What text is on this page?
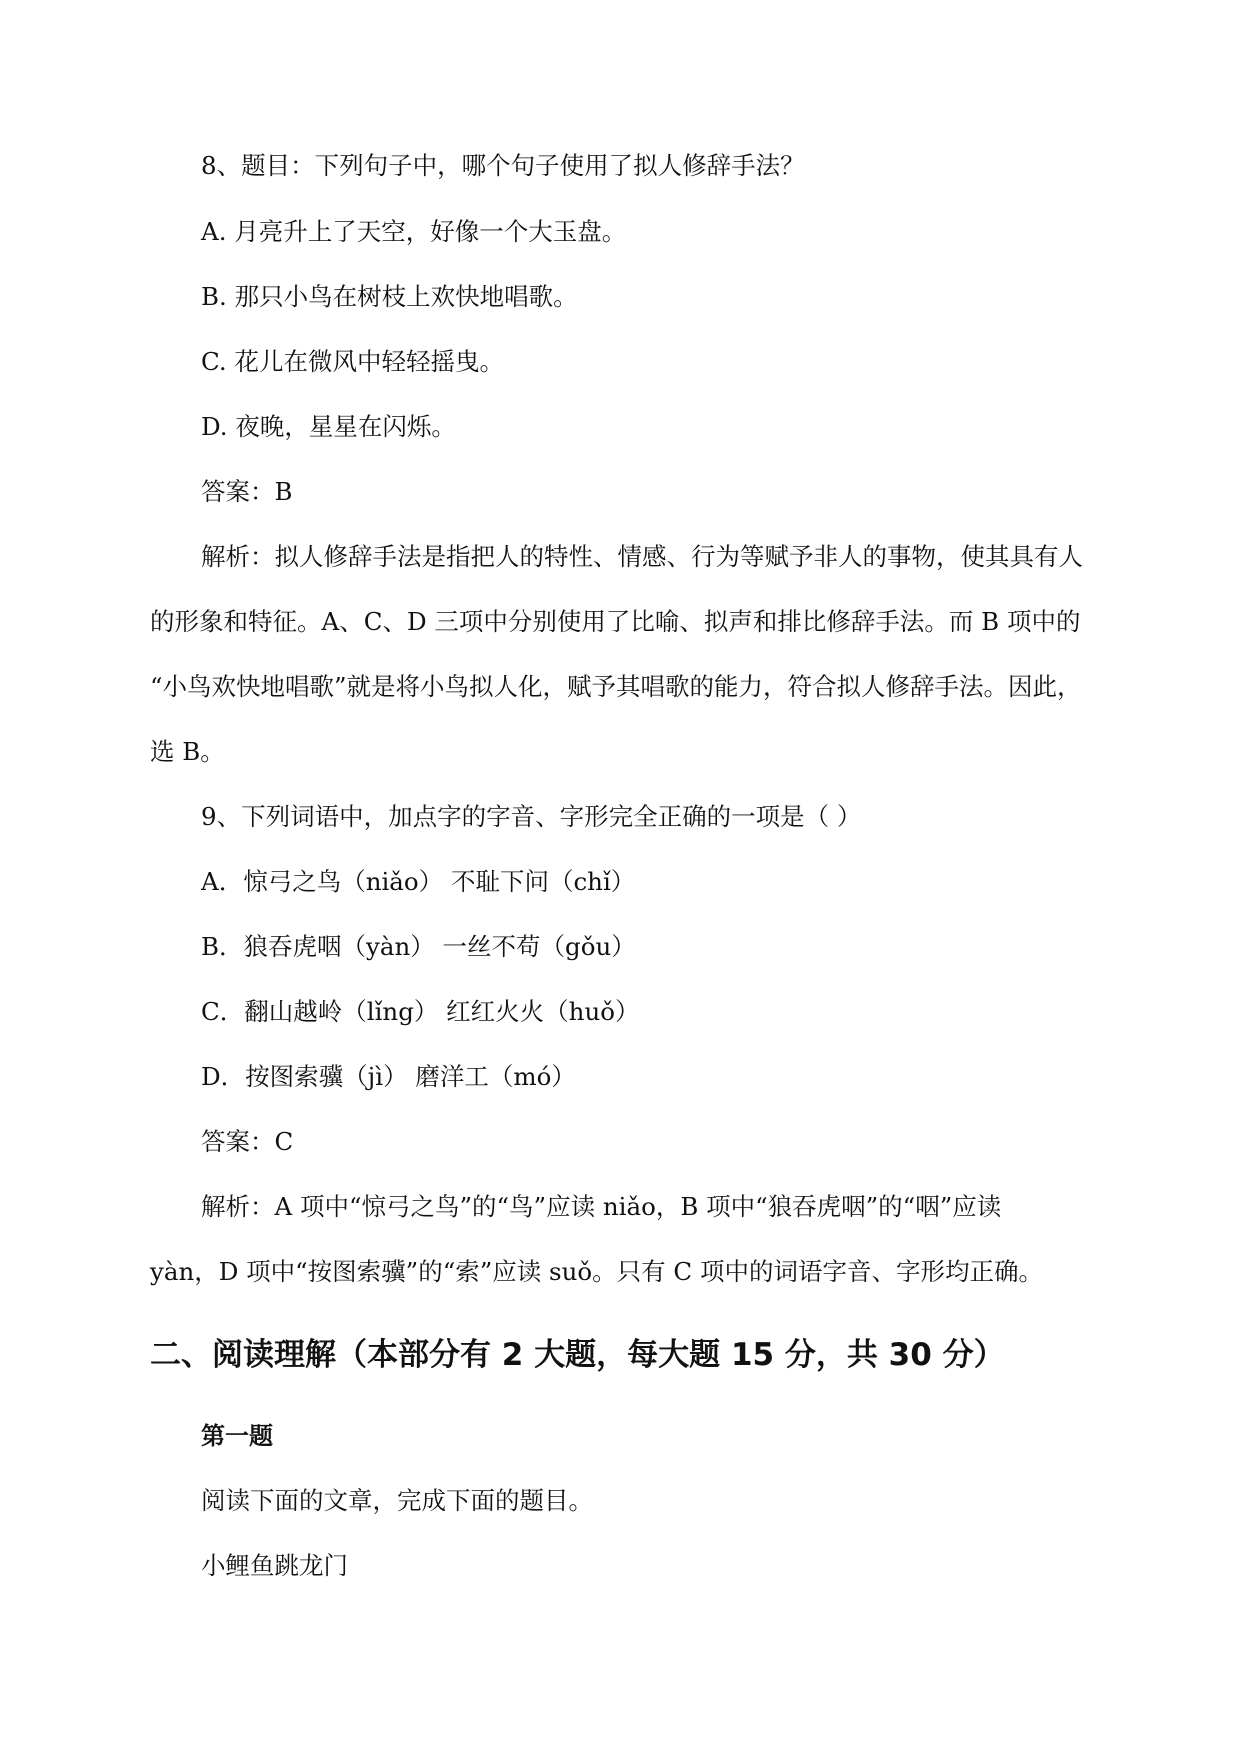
8、题目：下列句子中，哪个句子使用了拟人修辞手法？
A. 月亮升上了天空，好像一个大玉盘。
B. 那只小鸟在树枝上欢快地唱歌。
C. 花儿在微风中轻轻摇曳。
D. 夜晚，星星在闪烁。
答案：B
解析：拟人修辞手法是指把人的特性、情感、行为等赋予非人的事物，使其具有人
的形象和特征。A、C、D 三项中分别使用了比喻、拟声和排比修辞手法。而 B 项中的
“小鸟欢快地唱歌”就是将小鸟拟人化，赋予其唱歌的能力，符合拟人修辞手法。因此，
选 B。
9、下列词语中，加点字的字音、字形完全正确的一项是（ ）
A．惊弓之鸟（niǎo） 不耻下问（chǐ）
B．狼吞虎咽（yàn） 一丝不苟（gǒu）
C．翻山越岭（lǐng） 红红火火（huǒ）
D．按图索骥（jì） 磨洋工（mó）
答案：C
解析：A 项中“惊弓之鸟”的“鸟”应读 niǎo，B 项中“狼吞虎咽”的“咽”应读
yàn，D 项中“按图索骥”的“索”应读 suǒ。只有 C 项中的词语字音、字形均正确。
二、阅读理解（本部分有 2 大题，每大题 15 分，共 30 分）
第一题
阅读下面的文章，完成下面的题目。
小鲤鱼跳龙门
